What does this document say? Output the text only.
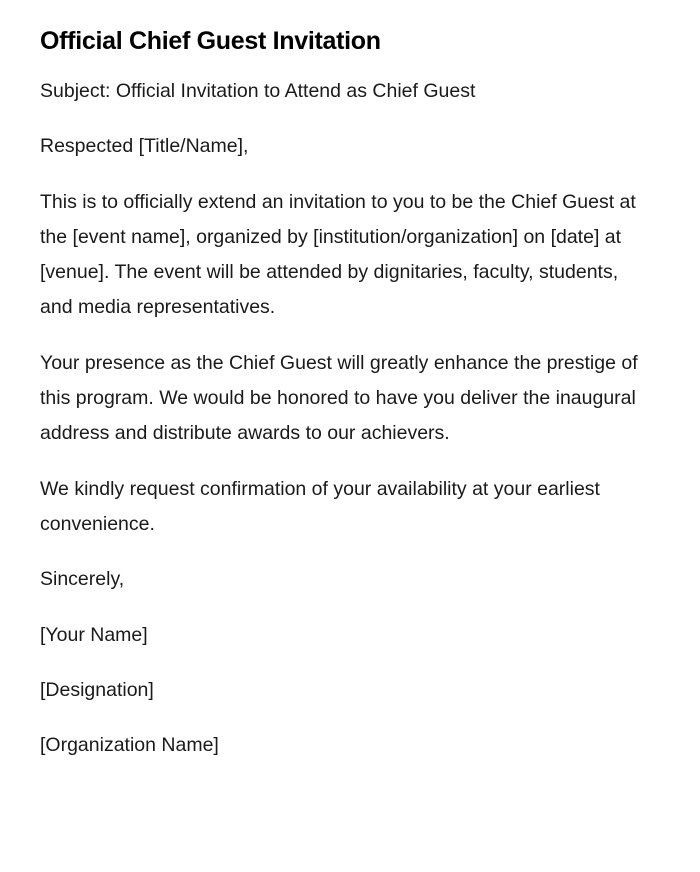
Official Chief Guest Invitation

Subject: Official Invitation to Attend as Chief Guest

Respected [Title/Name],

This is to officially extend an invitation to you to be the Chief Guest at the [event name], organized by [institution/organization] on [date] at [venue]. The event will be attended by dignitaries, faculty, students, and media representatives.

Your presence as the Chief Guest will greatly enhance the prestige of this program. We would be honored to have you deliver the inaugural address and distribute awards to our achievers.

We kindly request confirmation of your availability at your earliest convenience.

Sincerely,

[Your Name]

[Designation]

[Organization Name]
